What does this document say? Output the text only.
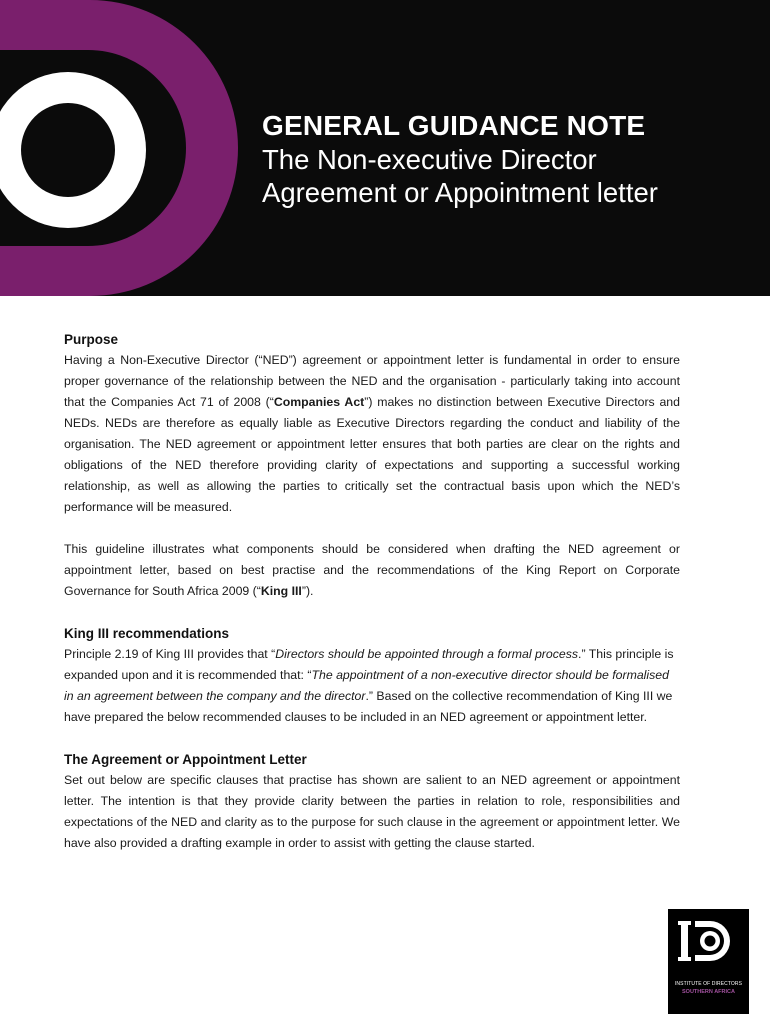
GENERAL GUIDANCE NOTE
The Non-executive Director
Agreement or Appointment letter
Purpose

Having a Non-Executive Director (“NED”) agreement or appointment letter is fundamental in order to ensure proper governance of the relationship between the NED and the organisation - particularly taking into account that the Companies Act 71 of 2008 (“Companies Act”) makes no distinction between Executive Directors and NEDs. NEDs are therefore as equally liable as Executive Directors regarding the conduct and liability of the organisation. The NED agreement or appointment letter ensures that both parties are clear on the rights and obligations of the NED therefore providing clarity of expectations and supporting a successful working relationship, as well as allowing the parties to critically set the contractual basis upon which the NED’s performance will be measured.

This guideline illustrates what components should be considered when drafting the NED agreement or appointment letter, based on best practise and the recommendations of the King Report on Corporate Governance for South Africa 2009 (“King III”).

King III recommendations

Principle 2.19 of King III provides that “Directors should be appointed through a formal process.” This principle is expanded upon and it is recommended that: “The appointment of a non-executive director should be formalised in an agreement between the company and the director.” Based on the collective recommendation of King III we have prepared the below recommended clauses to be included in an NED agreement or appointment letter.

The Agreement or Appointment Letter

Set out below are specific clauses that practise has shown are salient to an NED agreement or appointment letter. The intention is that they provide clarity between the parties in relation to role, responsibilities and expectations of the NED and clarity as to the purpose for such clause in the agreement or appointment letter. We have also provided a drafting example in order to assist with getting the clause started.

INSTITUTE OF DIRECTORS
SOUTHERN AFRICA
